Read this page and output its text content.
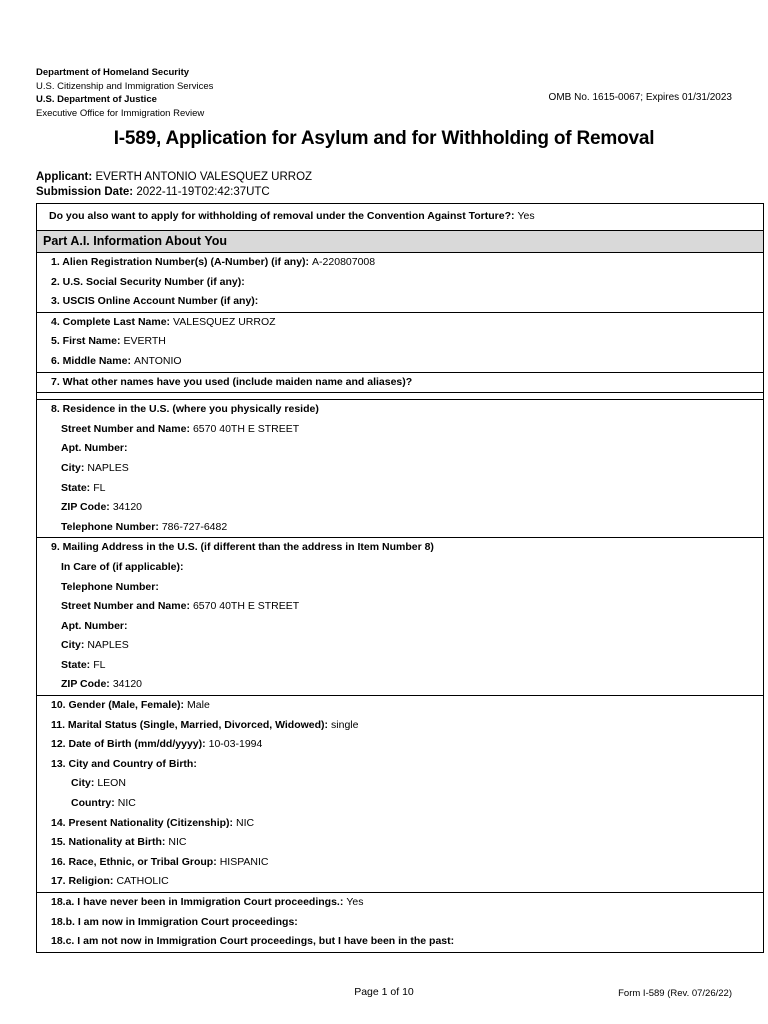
Department of Homeland Security
U.S. Citizenship and Immigration Services
U.S. Department of Justice
Executive Office for Immigration Review
OMB No. 1615-0067; Expires 01/31/2023
I-589, Application for Asylum and for Withholding of Removal
Applicant: EVERTH ANTONIO VALESQUEZ URROZ
Submission Date: 2022-11-19T02:42:37UTC
Do you also want to apply for withholding of removal under the Convention Against Torture?: Yes
Part A.I. Information About You
1. Alien Registration Number(s) (A-Number) (if any): A-220807008
2. U.S. Social Security Number (if any):
3. USCIS Online Account Number (if any):
4. Complete Last Name: VALESQUEZ URROZ
5. First Name: EVERTH
6. Middle Name: ANTONIO
7. What other names have you used (include maiden name and aliases)?
8. Residence in the U.S. (where you physically reside)
Street Number and Name: 6570 40TH E STREET
Apt. Number:
City: NAPLES
State: FL
ZIP Code: 34120
Telephone Number: 786-727-6482
9. Mailing Address in the U.S. (if different than the address in Item Number 8)
In Care of (if applicable):
Telephone Number:
Street Number and Name: 6570 40TH E STREET
Apt. Number:
City: NAPLES
State: FL
ZIP Code: 34120
10. Gender (Male, Female): Male
11. Marital Status (Single, Married, Divorced, Widowed): single
12. Date of Birth (mm/dd/yyyy): 10-03-1994
13. City and Country of Birth:
City: LEON
Country: NIC
14. Present Nationality (Citizenship): NIC
15. Nationality at Birth: NIC
16. Race, Ethnic, or Tribal Group: HISPANIC
17. Religion: CATHOLIC
18.a. I have never been in Immigration Court proceedings.: Yes
18.b. I am now in Immigration Court proceedings:
18.c. I am not now in Immigration Court proceedings, but I have been in the past:
Page 1 of 10	Form I-589 (Rev. 07/26/22)
